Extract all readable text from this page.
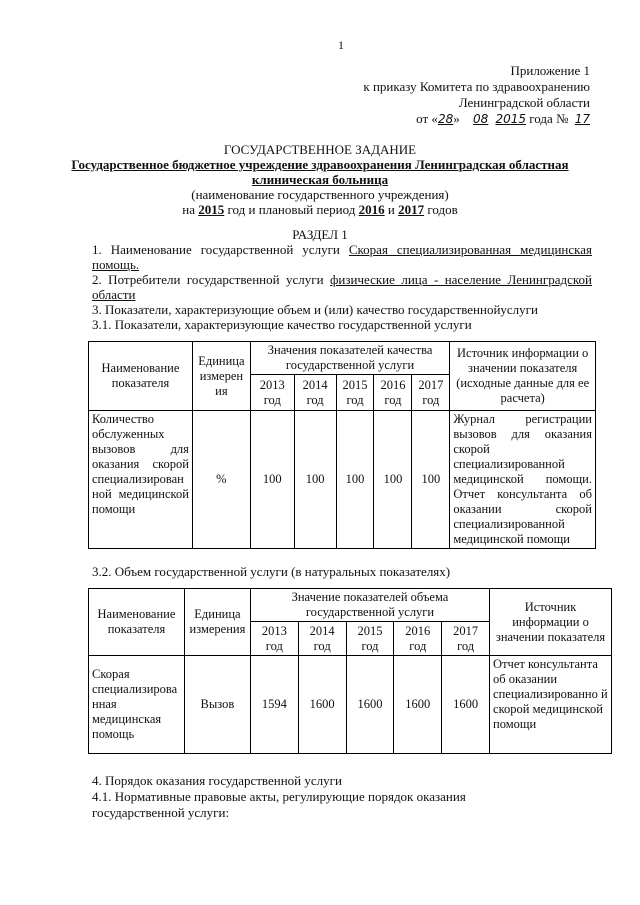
1
Приложение 1
к приказу Комитета по здравоохранению
Ленинградской области
от «28» 08 2015 года № 17
ГОСУДАРСТВЕННОЕ ЗАДАНИЕ
Государственное бюджетное учреждение здравоохранения Ленинградская областная
клиническая больница
(наименование государственного учреждения)
на 2015 год и плановый период 2016 и 2017 годов
РАЗДЕЛ 1
1. Наименование государственной услуги Скорая специализированная медицинская
помощь.
2. Потребители государственной услуги физические лица - население Ленинградской
области
3. Показатели, характеризующие объем и (или) качество государственнойуслуги
3.1. Показатели, характеризующие качество государственной услуги
Наименование показателя	Единица измерен ия	Значения показателей качества государственной услуги					Источник информации о значении показателя (исходные данные для ее расчета)
		2013 год	2014 год	2015 год	2016 год	2017 год	
Количество обслуженных вызовов для оказания скорой специализирован ной медицинской помощи	%	100	100	100	100	100	Журнал регистрации вызовов для оказания скорой специализированной медицинской помощи. Отчет консультанта об оказании скорой специализированной медицинской помощи
3.2. Объем государственной услуги (в натуральных показателях)
Наименование показателя	Единица измерения	Значение показателей объема государственной услуги					Источник информации о значении показателя
		2013 год	2014 год	2015 год	2016 год	2017 год	
Скорая специализирова нная медицинская помощь	Вызов	1594	1600	1600	1600	1600	Отчет консультанта об оказании специализированно й скорой медицинской помощи
4. Порядок оказания государственной услуги
4.1. Нормативные правовые акты, регулирующие порядок оказания
государственной услуги:
